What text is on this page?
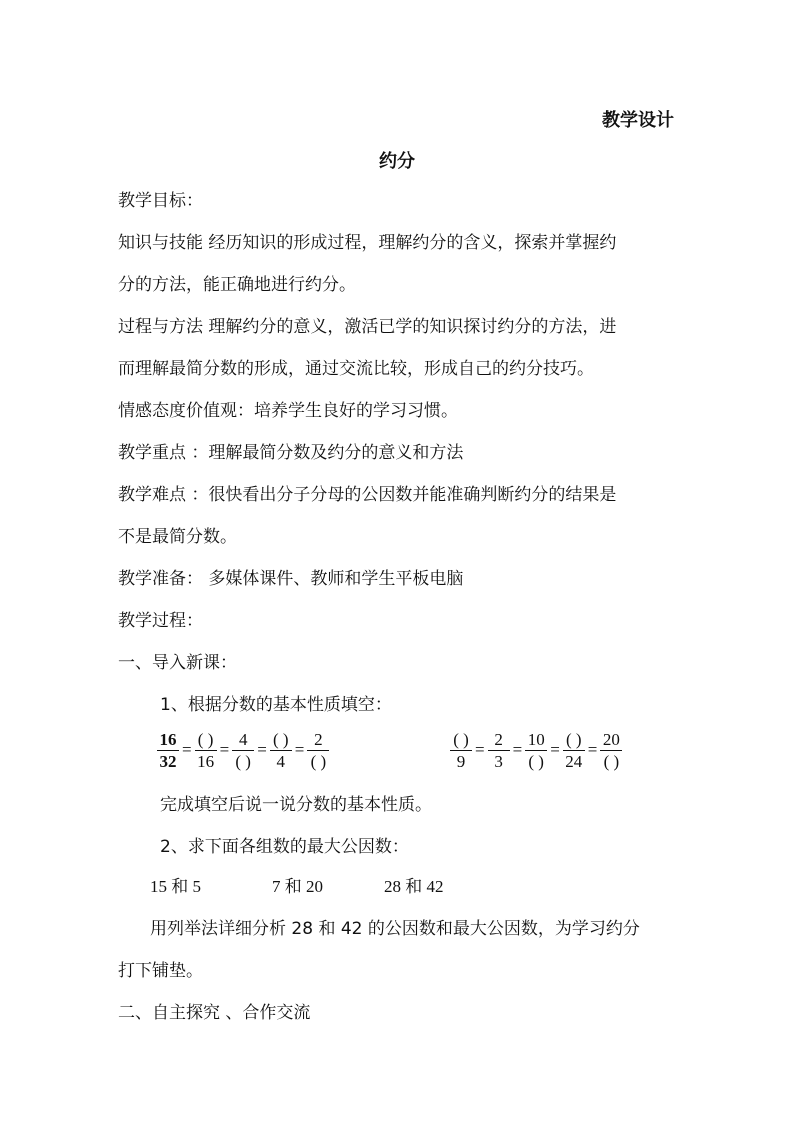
教学设计
约分
教学目标：
知识与技能 经历知识的形成过程，理解约分的含义，探索并掌握约
分的方法，能正确地进行约分。
过程与方法 理解约分的意义，激活已学的知识探讨约分的方法，进
而理解最简分数的形成，通过交流比较，形成自己的约分技巧。
情感态度价值观：培养学生良好的学习习惯。
教学重点 ：理解最简分数及约分的意义和方法
教学难点 ：很快看出分子分母的公因数并能准确判断约分的结果是
不是最简分数。
教学准备： 多媒体课件、教师和学生平板电脑
教学过程：
一、导入新课：
1、根据分数的基本性质填空：
$\frac{16}{32} = \frac{( )}{16} = \frac{4}{( )} = \frac{( )}{4} = \frac{2}{( )}$	$\frac{( )}{9} = \frac{2}{3} = \frac{10}{( )} = \frac{( )}{24} = \frac{20}{( )}$
完成填空后说一说分数的基本性质。
2、求下面各组数的最大公因数：
15 和 5	7 和 20	28 和 42
用列举法详细分析 28 和 42 的公因数和最大公因数，为学习约分
打下铺垫。
二、自主探究 、合作交流
